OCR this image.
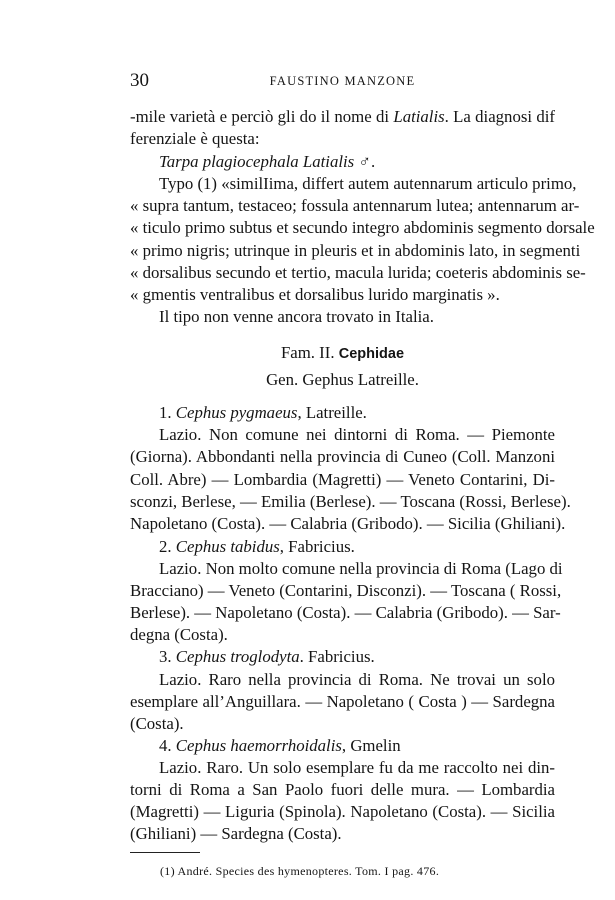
30	FAUSTINO MANZONE
-mile varietà e perciò gli do il nome di Latialis. La diagnosi dif
ferenziale è questa:
Tarpa plagiocephala Latialis ♂.
Typo (1) «similIima, differt autem autennarum articulo primo,
« supra tantum, testaceo; fossula antennarum lutea; antennarum ar-
« ticulo primo subtus et secundo integro abdominis segmento dorsale
« primo nigris; utrinque in pleuris et in abdominis lato, in segmenti
« dorsalibus secundo et tertio, macula lurida; coeteris abdominis se-
« gmentis ventralibus et dorsalibus lurido marginatis ».
Il tipo non venne ancora trovato in Italia.
Fam. II. Cephidae
Gen. Gephus Latreille.
1. Cephus pygmaeus, Latreille.
Lazio. Non comune nei dintorni di Roma. — Piemonte
(Giorna). Abbondanti nella provincia di Cuneo (Coll. Manzoni
Coll. Abre) — Lombardia (Magretti) — Veneto Contarini, Di-
sconzi, Berlese, — Emilia (Berlese). — Toscana (Rossi, Berlese).
Napoletano (Costa). — Calabria (Gribodo). — Sicilia (Ghiliani).
2. Cephus tabidus, Fabricius.
Lazio. Non molto comune nella provincia di Roma (Lago di
Bracciano) — Veneto (Contarini, Disconzi). — Toscana ( Rossi,
Berlese). — Napoletano (Costa). — Calabria (Gribodo). — Sar-
degna (Costa).
3. Cephus troglodyta. Fabricius.
Lazio. Raro nella provincia di Roma. Ne trovai un solo
esemplare all’Anguillara. — Napoletano ( Costa ) — Sardegna
(Costa).
4. Cephus haemorrhoidalis, Gmelin
(1) André. Species des hymenopteres. Tom. I pag. 476.
Lazio. Raro. Un solo esemplare fu da me raccolto nei din-
torni di Roma a San Paolo fuori delle mura. — Lombardia
(Magretti) — Liguria (Spinola). Napoletano (Costa). — Sicilia
(Ghiliani) — Sardegna (Costa).
